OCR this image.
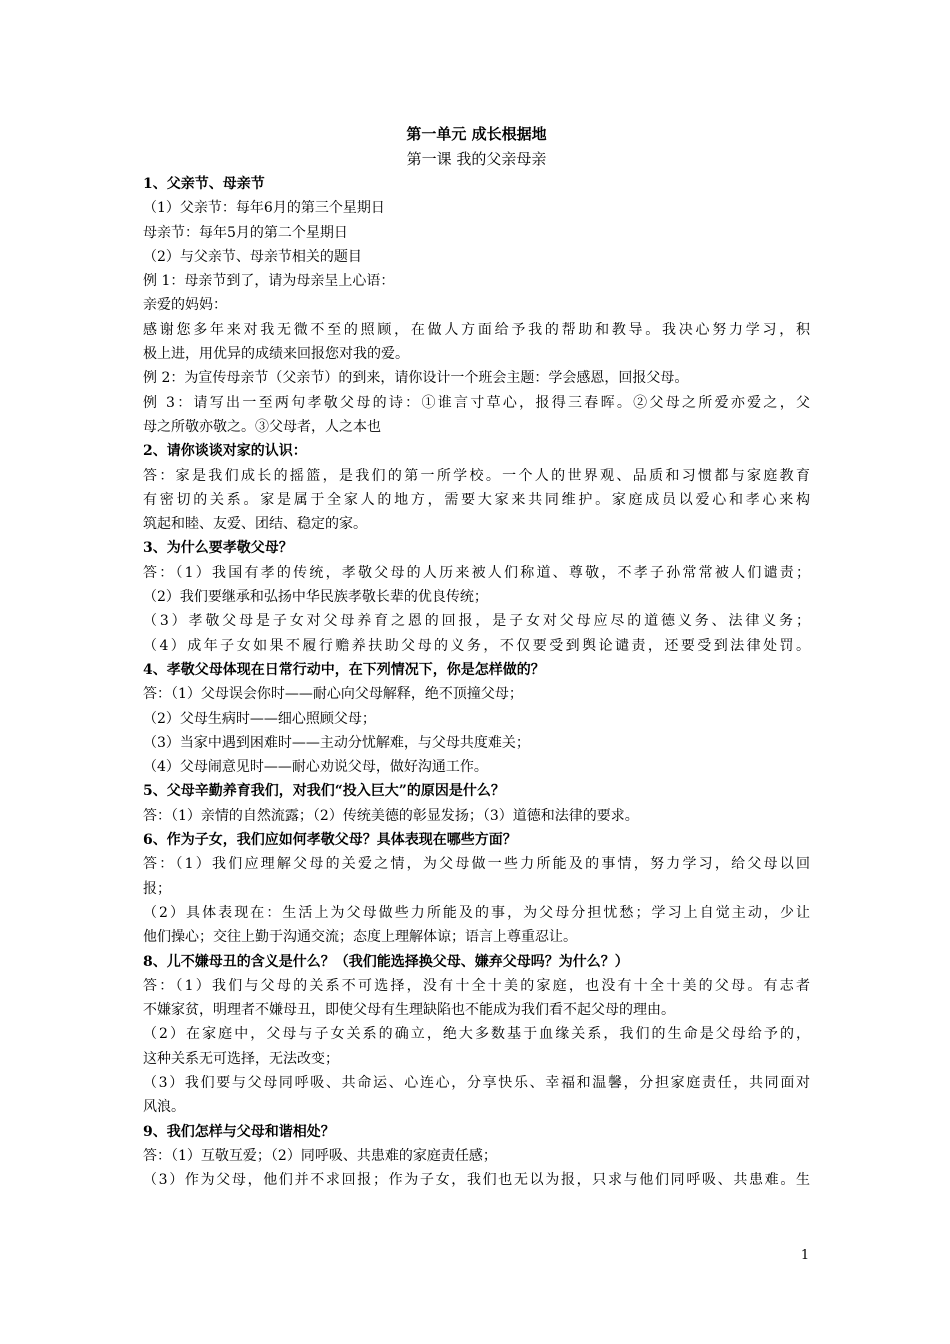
第一单元 成长根据地
第一课 我的父亲母亲
1、父亲节、母亲节
（1）父亲节：每年6月的第三个星期日
母亲节：每年5月的第二个星期日
（2）与父亲节、母亲节相关的题目
例 1：母亲节到了，请为母亲呈上心语：
亲爱的妈妈：
感谢您多年来对我无微不至的照顾，在做人方面给予我的帮助和教导。我决心努力学习，积
极上进，用优异的成绩来回报您对我的爱。
例 2：为宣传母亲节（父亲节）的到来，请你设计一个班会主题：学会感恩，回报父母。
例 3：请写出一至两句孝敬父母的诗：①谁言寸草心，报得三春晖。②父母之所爱亦爱之，父
母之所敬亦敬之。③父母者，人之本也
2、请你谈谈对家的认识：
答：家是我们成长的摇篮，是我们的第一所学校。一个人的世界观、品质和习惯都与家庭教育
有密切的关系。家是属于全家人的地方，需要大家来共同维护。家庭成员以爱心和孝心来构
筑起和睦、友爱、团结、稳定的家。
3、为什么要孝敬父母？
答：（1）我国有孝的传统，孝敬父母的人历来被人们称道、尊敬，不孝子孙常常被人们谴责；
（2）我们要继承和弘扬中华民族孝敬长辈的优良传统；
（3）孝敬父母是子女对父母养育之恩的回报，是子女对父母应尽的道德义务、法律义务；
（4）成年子女如果不履行赡养扶助父母的义务，不仅要受到舆论谴责，还要受到法律处罚。
4、孝敬父母体现在日常行动中，在下列情况下，你是怎样做的？
答：（1）父母误会你时——耐心向父母解释，绝不顶撞父母；
（2）父母生病时——细心照顾父母；
（3）当家中遇到困难时——主动分忧解难，与父母共度难关；
（4）父母闹意见时——耐心劝说父母，做好沟通工作。
5、父母辛勤养育我们，对我们“投入巨大”的原因是什么？
答：（1）亲情的自然流露；（2）传统美德的彰显发扬；（3）道德和法律的要求。
6、作为子女，我们应如何孝敬父母？具体表现在哪些方面？
答：（1）我们应理解父母的关爱之情，为父母做一些力所能及的事情，努力学习，给父母以回
报；
（2）具体表现在：生活上为父母做些力所能及的事，为父母分担忧愁；学习上自觉主动，少让
他们操心；交往上勤于沟通交流；态度上理解体谅；语言上尊重忍让。
8、儿不嫌母丑的含义是什么？（我们能选择换父母、嫌弃父母吗？为什么？）
答：（1）我们与父母的关系不可选择，没有十全十美的家庭，也没有十全十美的父母。有志者
不嫌家贫，明理者不嫌母丑，即使父母有生理缺陷也不能成为我们看不起父母的理由。
（2）在家庭中，父母与子女关系的确立，绝大多数基于血缘关系，我们的生命是父母给予的，
这种关系无可选择，无法改变；
（3）我们要与父母同呼吸、共命运、心连心，分享快乐、幸福和温馨，分担家庭责任，共同面对
风浪。
9、我们怎样与父母和谐相处？
答：（1）互敬互爱；（2）同呼吸、共患难的家庭责任感；
（3）作为父母，他们并不求回报；作为子女，我们也无以为报，只求与他们同呼吸、共患难。生
1
